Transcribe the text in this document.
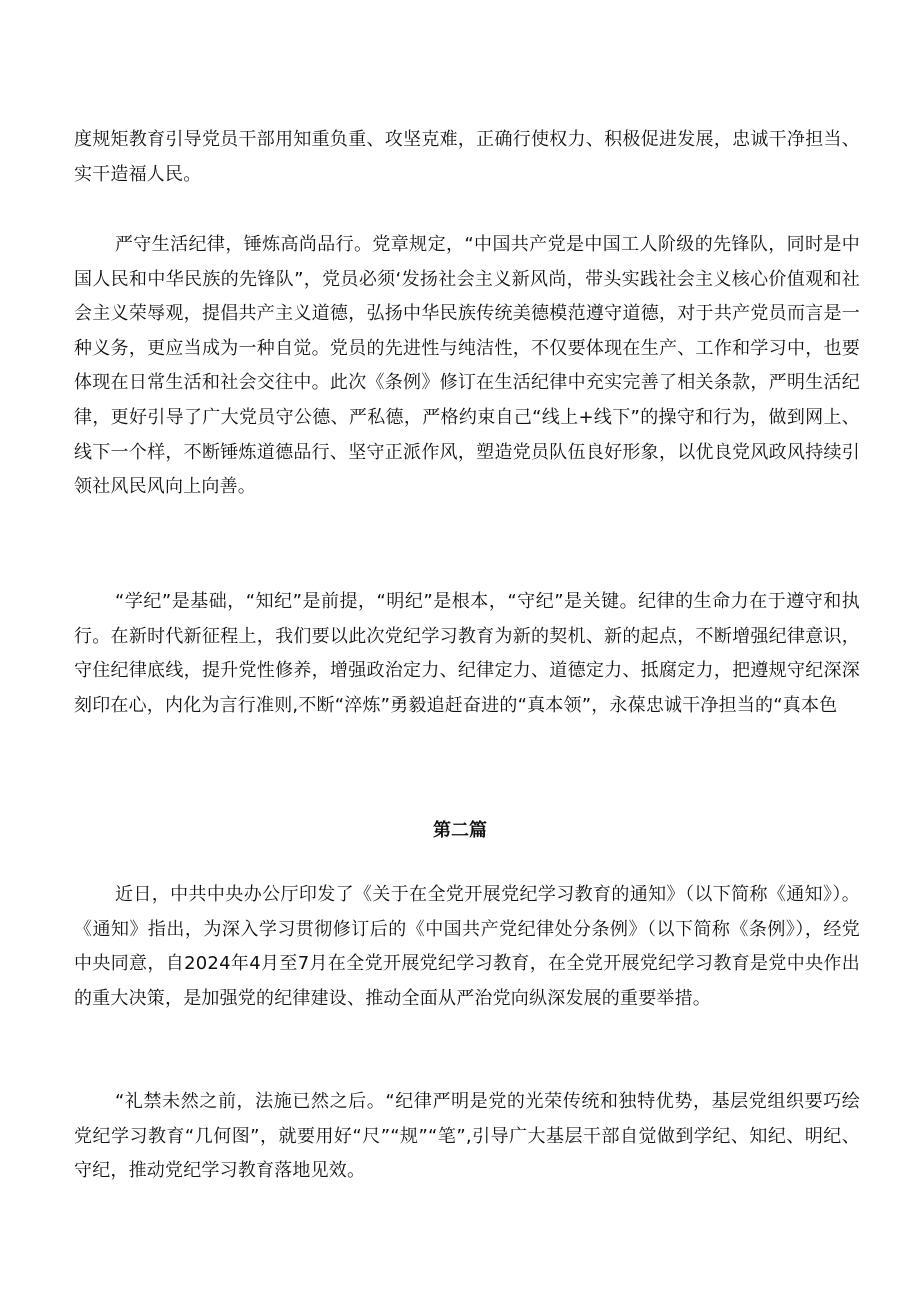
度规矩教育引导党员干部用知重负重、攻坚克难，正确行使权力、积极促进发展，忠诚干净担当、实干造福人民。

严守生活纪律，锤炼高尚品行。党章规定，“中国共产党是中国工人阶级的先锋队，同时是中国人民和中华民族的先锋队”，党员必须‘发扬社会主义新风尚，带头实践社会主义核心价值观和社会主义荣辱观，提倡共产主义道德，弘扬中华民族传统美德模范遵守道德，对于共产党员而言是一种义务，更应当成为一种自觉。党员的先进性与纯洁性，不仅要体现在生产、工作和学习中，也要体现在日常生活和社会交往中。此次《条例》修订在生活纪律中充实完善了相关条款，严明生活纪律，更好引导了广大党员守公德、严私德，严格约束自己“线上+线下”的操守和行为，做到网上、线下一个样，不断锤炼道德品行、坚守正派作风，塑造党员队伍良好形象，以优良党风政风持续引领社风民风向上向善。

“学纪”是基础，“知纪”是前提，“明纪”是根本，“守纪”是关键。纪律的生命力在于遵守和执行。在新时代新征程上，我们要以此次党纪学习教育为新的契机、新的起点，不断增强纪律意识，守住纪律底线，提升党性修养，增强政治定力、纪律定力、道德定力、抵腐定力，把遵规守纪深深刻印在心，内化为言行准则,不断“淬炼”勇毅追赶奋进的“真本领”，永葆忠诚干净担当的“真本色

第二篇

近日，中共中央办公厅印发了《关于在全党开展党纪学习教育的通知》（以下简称《通知》）。《通知》指出，为深入学习贯彻修订后的《中国共产党纪律处分条例》（以下简称《条例》），经党中央同意，自2024年4月至7月在全党开展党纪学习教育，在全党开展党纪学习教育是党中央作出的重大决策，是加强党的纪律建设、推动全面从严治党向纵深发展的重要举措。

“礼禁未然之前，法施已然之后。“纪律严明是党的光荣传统和独特优势，基层党组织要巧绘党纪学习教育“几何图”，就要用好“尺”“规”“笔”,引导广大基层干部自觉做到学纪、知纪、明纪、守纪，推动党纪学习教育落地见效。
